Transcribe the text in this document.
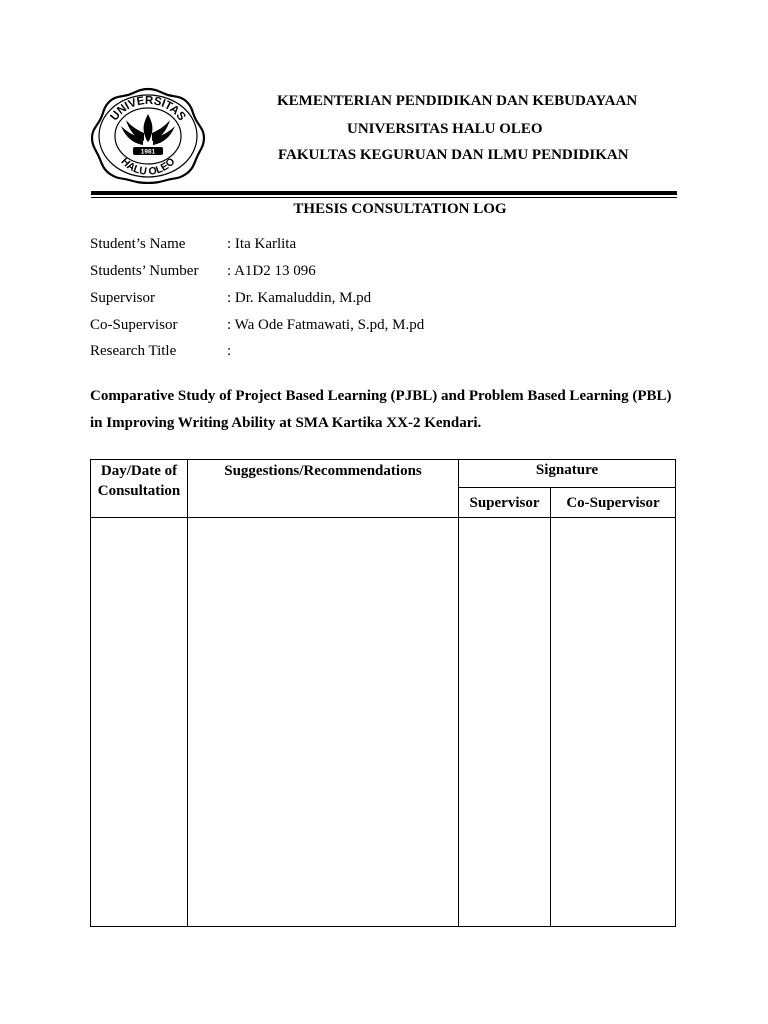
UNIVERSITAS
HALU OLEO
1981
KEMENTERIAN PENDIDIKAN DAN KEBUDAYAAN
UNIVERSITAS HALU OLEO
FAKULTAS KEGURUAN DAN ILMU PENDIDIKAN
THESIS CONSULTATION LOG
Student’s Name	: Ita Karlita
Students’ Number : A1D2 13 096
Supervisor	: Dr. Kamaluddin, M.pd
Co-Supervisor	: Wa Ode Fatmawati, S.pd, M.pd
Research Title	:
Comparative Study of Project Based Learning (PJBL) and Problem Based Learning (PBL)
in Improving Writing Ability at SMA Kartika XX-2 Kendari.
Day/Date of
Consultation	Suggestions/Recommendations	Signature	
		Supervisor	Co-Supervisor
